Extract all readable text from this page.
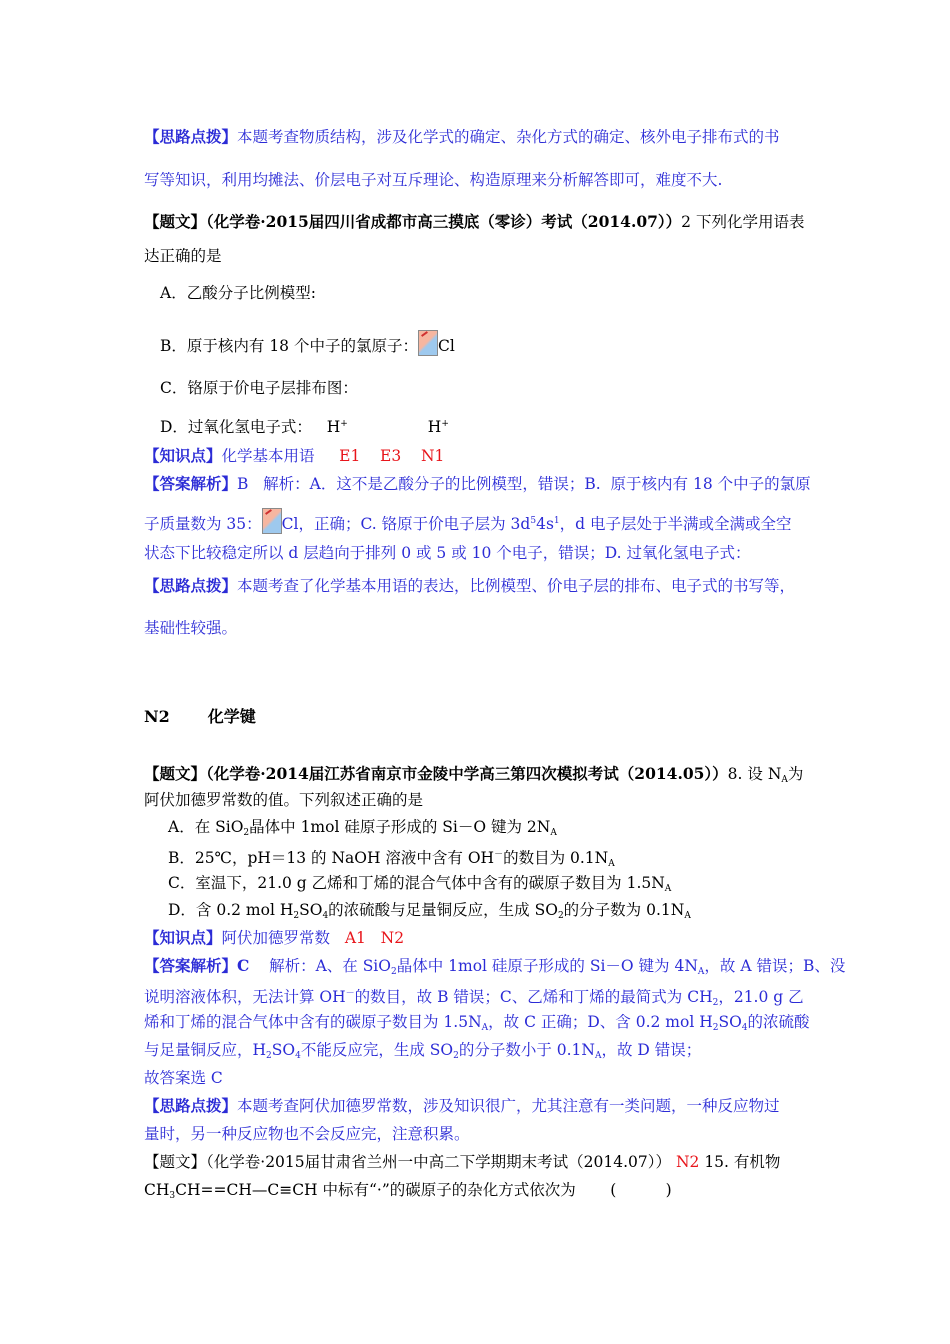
【思路点拨】本题考查物质结构，涉及化学式的确定、杂化方式的确定、核外电子排布式的书
写等知识，利用均摊法、价层电子对互斥理论、构造原理来分析解答即可，难度不大.
【题文】（化学卷·2015届四川省成都市高三摸底（零诊）考试（2014.07））2 下列化学用语表
达正确的是
A．乙酸分子比例模型:
B．原于核内有 18 个中子的氯原子： Cl
C．铬原于价电子层排布图：
D．过氧化氢电子式： H+	H+
【知识点】化学基本用语 E1    E3    N1
【答案解析】B   解析：A．这不是乙酸分子的比例模型，错误；B.  原于核内有 18 个中子的氯原
子质量数为 35： Cl，正确；C. 铬原于价电子层为 $3d^54s^1$，d 电子层处于半满或全满或全空
状态下比较稳定所以 d 层趋向于排列 0 或 5 或 10 个电子，错误；D. 过氧化氢电子式：
【思路点拨】本题考查了化学基本用语的表达，比例模型、价电子层的排布、电子式的书写等，
基础性较强。
N2 化学键
【题文】（化学卷·2014届江苏省南京市金陵中学高三第四次模拟考试（2014.05））8. 设 $N_A$为
阿伏加德罗常数的值。下列叙述正确的是
A．在 SiO$_2$晶体中 1mol 硅原子形成的 Si－O 键为 $2N_A$
B．25℃，pH＝13 的 NaOH 溶液中含有 OH－的数目为 $0.1N_A$
C．室温下，21.0 g 乙烯和丁烯的混合气体中含有的碳原子数目为 $1.5N_A$
D．含 0.2 mol $H_2SO_4$的浓硫酸与足量铜反应，生成 $SO_2$的分子数为 $0.1N_A$
【知识点】阿伏加德罗常数 A1   N2
【答案解析】C    解析：A、在 SiO$_2$晶体中 1mol 硅原子形成的 Si－O 键为 $4N_A$，故 A 错误；B、没
说明溶液体积，无法计算 OH－的数目，故 B 错误；C、乙烯和丁烯的最简式为 $CH_2$，21.0 g 乙
烯和丁烯的混合气体中含有的碳原子数目为 $1.5N_A$，故 C 正确；D、含 0.2 mol $H_2SO_4$的浓硫酸
与足量铜反应，$H_2SO_4$不能反应完，生成 $SO_2$的分子数小于 $0.1N_A$，故 D 错误；
故答案选 C
【思路点拨】本题考查阿伏加德罗常数，涉及知识很广，尤其注意有一类问题，一种反应物过
量时，另一种反应物也不会反应完，注意积累。
【题文】（化学卷·2015届甘肃省兰州一中高二下学期期末考试（2014.07）） N2 15. 有机物
$CH_3CH==CH—C\equiv CH$ 中标有“·”的碳原子的杂化方式依次为 (          )
